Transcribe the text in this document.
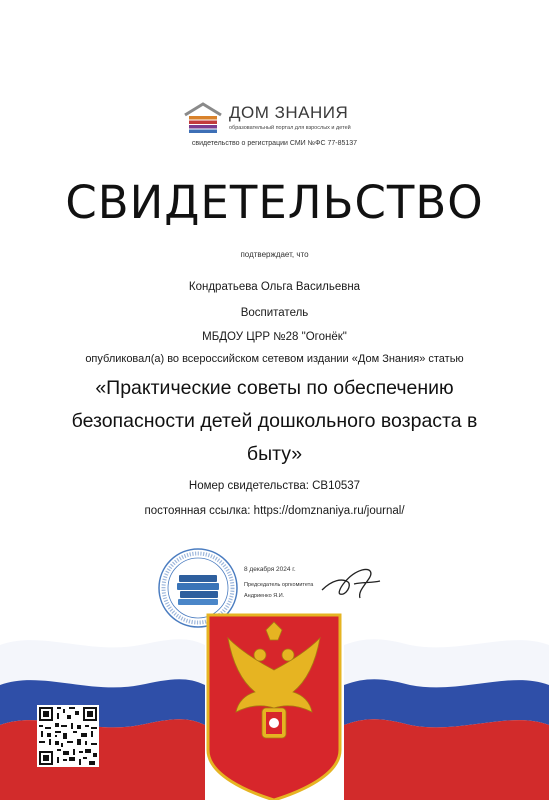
ДОМ ЗНАНИЯ
образовательный портал для взрослых и детей
свидетельство о регистрации СМИ №ФС 77-85137
СВИДЕТЕЛЬСТВО
подтверждает, что
Кондратьева Ольга Васильевна
Воспитатель
МБДОУ ЦРР №28 "Огонёк"
опубликовал(а) во всероссийском сетевом издании «Дом Знания» статью
«Практические советы по обеспечению
безопасности детей дошкольного возраста в
быту»
Номер свидетельства: СВ10537
постоянная ссылка: https://domznaniya.ru/journal/
8 декабря 2024 г.
Председатель оргкомитета
Андриенко Я.И.
